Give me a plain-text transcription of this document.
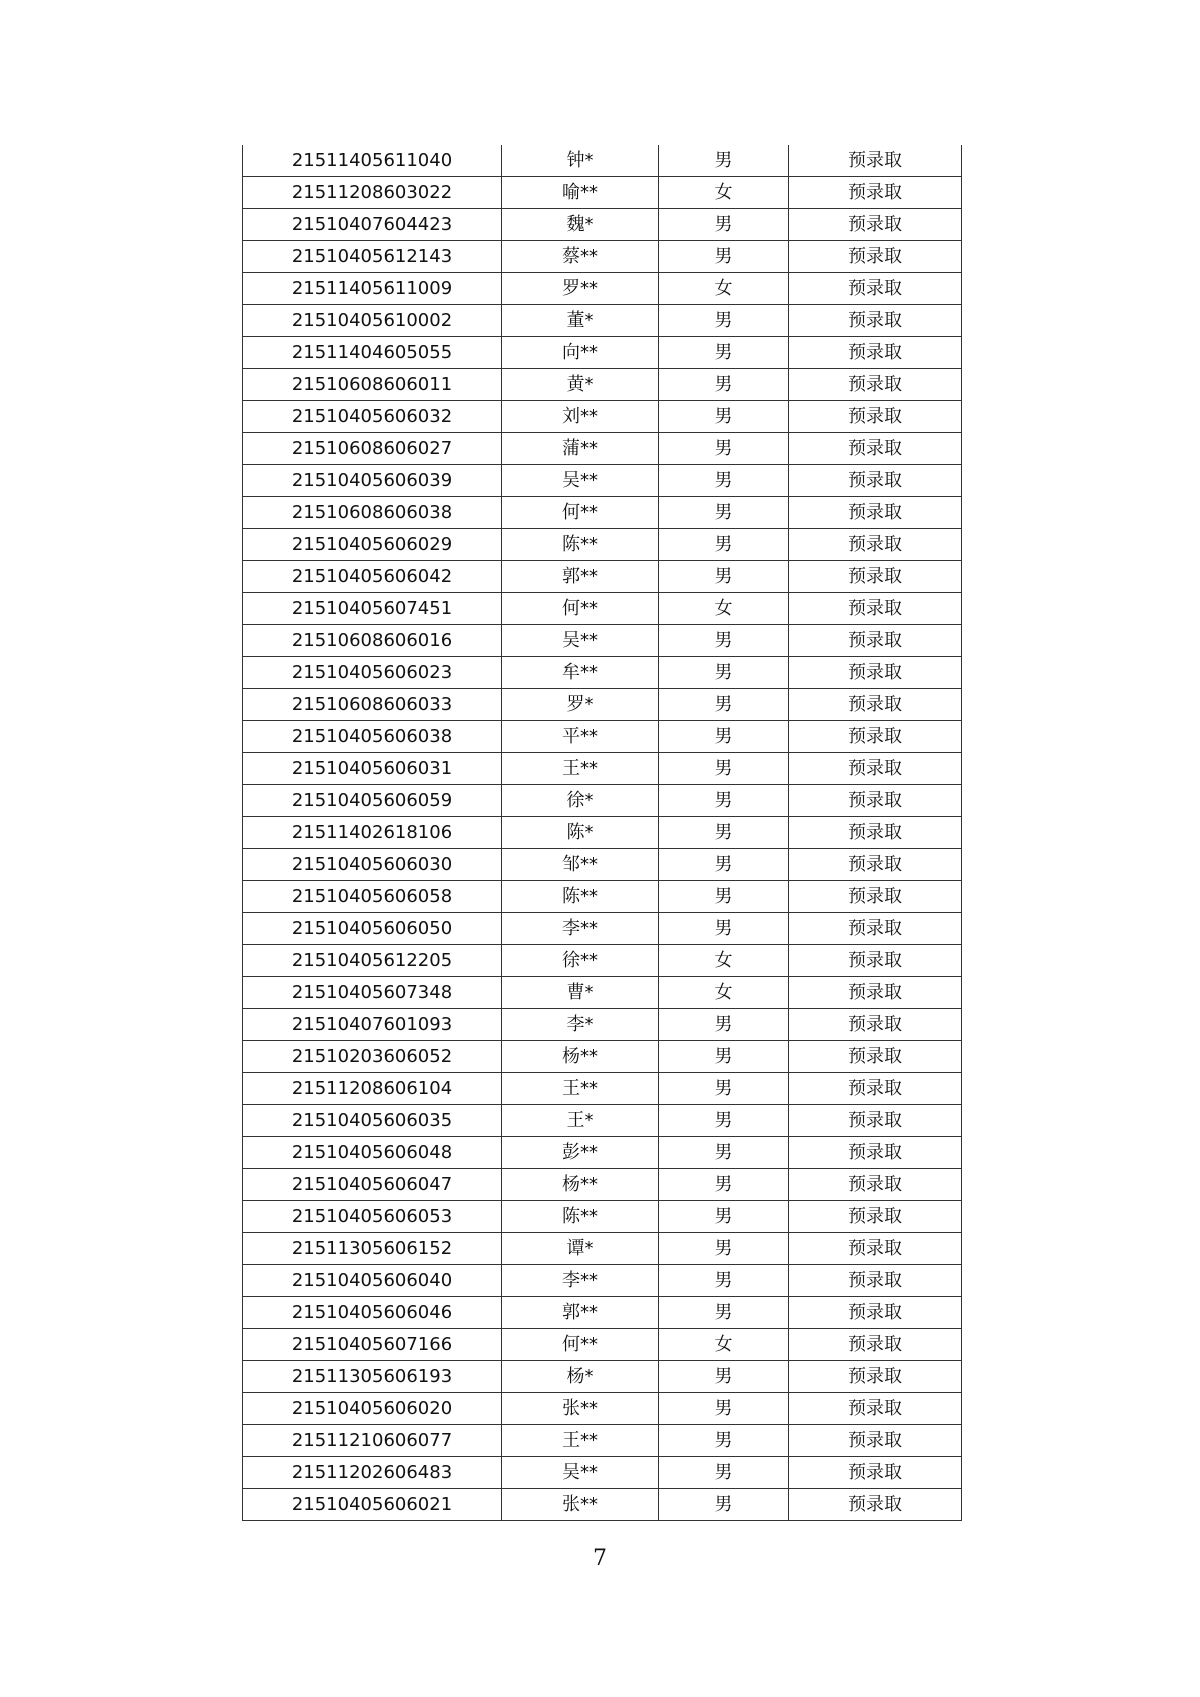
21511405611040	钟*	男	预录取
21511208603022	喻**	女	预录取
21510407604423	魏*	男	预录取
21510405612143	蔡**	男	预录取
21511405611009	罗**	女	预录取
21510405610002	董*	男	预录取
21511404605055	向**	男	预录取
21510608606011	黄*	男	预录取
21510405606032	刘**	男	预录取
21510608606027	蒲**	男	预录取
21510405606039	吴**	男	预录取
21510608606038	何**	男	预录取
21510405606029	陈**	男	预录取
21510405606042	郭**	男	预录取
21510405607451	何**	女	预录取
21510608606016	吴**	男	预录取
21510405606023	牟**	男	预录取
21510608606033	罗*	男	预录取
21510405606038	平**	男	预录取
21510405606031	王**	男	预录取
21510405606059	徐*	男	预录取
21511402618106	陈*	男	预录取
21510405606030	邹**	男	预录取
21510405606058	陈**	男	预录取
21510405606050	李**	男	预录取
21510405612205	徐**	女	预录取
21510405607348	曹*	女	预录取
21510407601093	李*	男	预录取
21510203606052	杨**	男	预录取
21511208606104	王**	男	预录取
21510405606035	王*	男	预录取
21510405606048	彭**	男	预录取
21510405606047	杨**	男	预录取
21510405606053	陈**	男	预录取
21511305606152	谭*	男	预录取
21510405606040	李**	男	预录取
21510405606046	郭**	男	预录取
21510405607166	何**	女	预录取
21511305606193	杨*	男	预录取
21510405606020	张**	男	预录取
21511210606077	王**	男	预录取
21511202606483	吴**	男	预录取
21510405606021	张**	男	预录取
7
